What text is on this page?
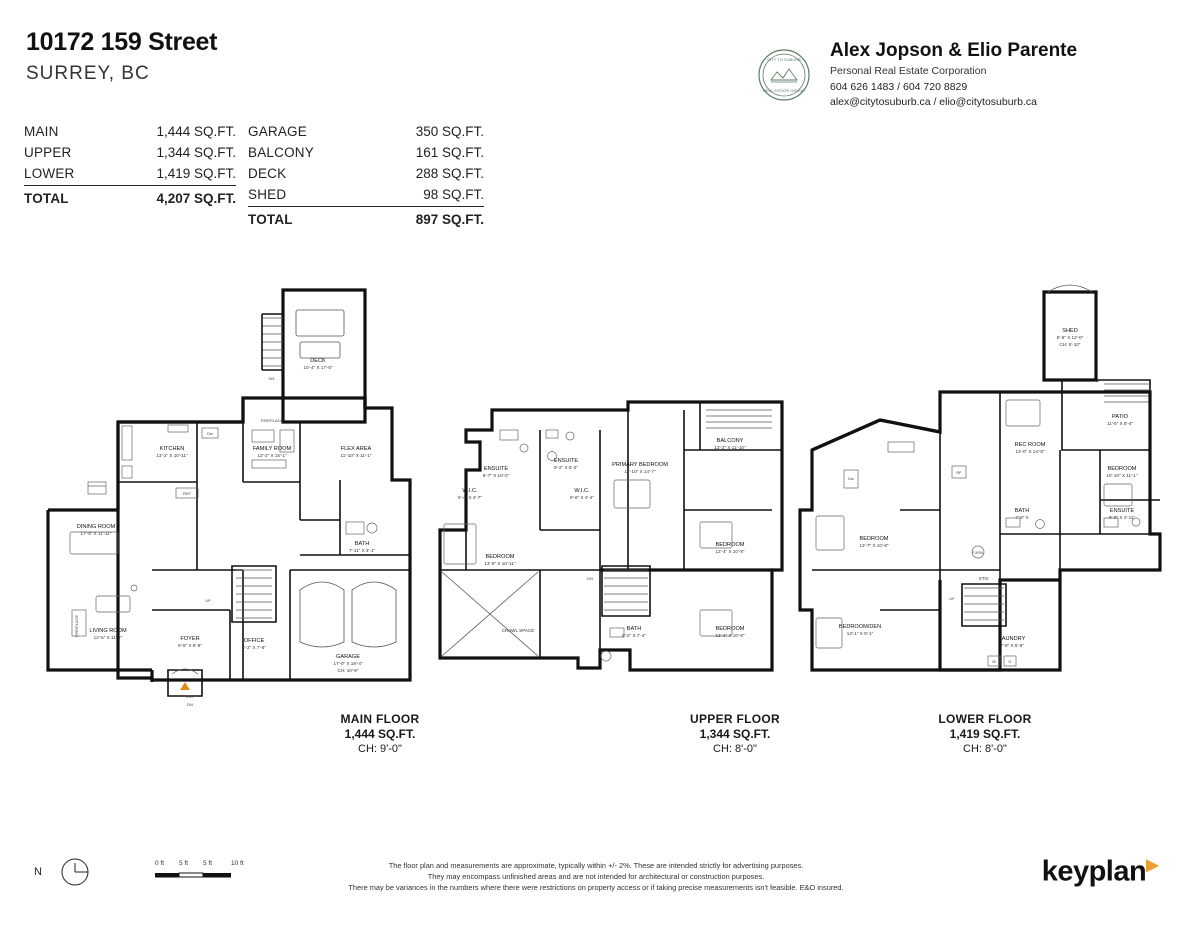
10172 159 Street
SURREY, BC
CITY TO SUBURB
REAL ESTATE GROUP
Alex Jopson & Elio Parente
Personal Real Estate Corporation
604 626 1483 / 604 720 8829
alex@citytosuburb.ca / elio@citytosuburb.ca
MAIN	1,444 SQ.FT.
UPPER	1,344 SQ.FT.
LOWER	1,419 SQ.FT.
TOTAL	4,207 SQ.FT.
GARAGE	350 SQ.FT.
BALCONY	161 SQ.FT.
DECK	288 SQ.FT.
SHED	98 SQ.FT.
TOTAL	897 SQ.FT.
DN.
DECK
10'-4" X 17'-5"
Dw
KITCHEN
13'-2" X 10'-11"
REF
FIREPLACE
FAMILY ROOM
13'-2" X 15'-1"
FLEX AREA
11'-10" X 11'-1"
BATH
7'-11" X 3'-1"
DINING ROOM
17'-9" X 11'-11"
FIREPLACE LIVING ROOM
12'-6" X 11'-2"
UP
FOYER
9'-5" X 6'-9"
OFFICE
8'-2" X 7'-6"
GARAGE
17'-0" X 19'-4"
CH: 10'-9"
ENT
DN
BALCONY
13'-2" X 11'-10"
PRIMARY BEDROOM
11'-10" X 14'-7"
ENSUITE
9'-2" X 6'-2"
ENSUITE
6'-7" X 10'-0"
W.I.C.
9'-6" X 4'-4"
W.I.C.
5'-4" X 4'-7"
BEDROOM
13'-5" X 10'-11"
BEDROOM
13'-4" X 10'-8"
BEDROOM
13'-4" X 10'-8"
DN
BATH
8'-2" X 7'-4"
CRAWL SPACE
SHED
6'-5" X 12'-0"
CH: 5'-10"
UP
PATIO
11'-5" X 8'-4"
REC ROOM
13'-0" X 14'-8"
BEDROOM
10'-10" X 11'-1"
Dw
RF
BEDROOM
13'-7" X 10'-8"
BATH
7'-9" X
ENSUITE
9'-0" X 4'-11"
FURN.
STO.
UP
BEDROOM/DEN
13'-1" X 9'-1"
LAUNDRY
7'-8" X 6'-9"
W	D
MAIN FLOOR
1,444 SQ.FT.
CH: 9'-0"
UPPER FLOOR
1,344 SQ.FT.
CH: 8'-0"
LOWER FLOOR
1,419 SQ.FT.
CH: 8'-0"
N
0 ft 5 ft 5 ft	10 ft	The floor plan and measurements are approximate, typically within +/- 2%. These are intended strictly for advertising purposes.
They may encompass unfinished areas and are not intended for architectural or construction purposes.
There may be variances in the numbers where there were restrictions on property access or if taking precise measurements isn't feasible. E&O insured.	keyplan▶
